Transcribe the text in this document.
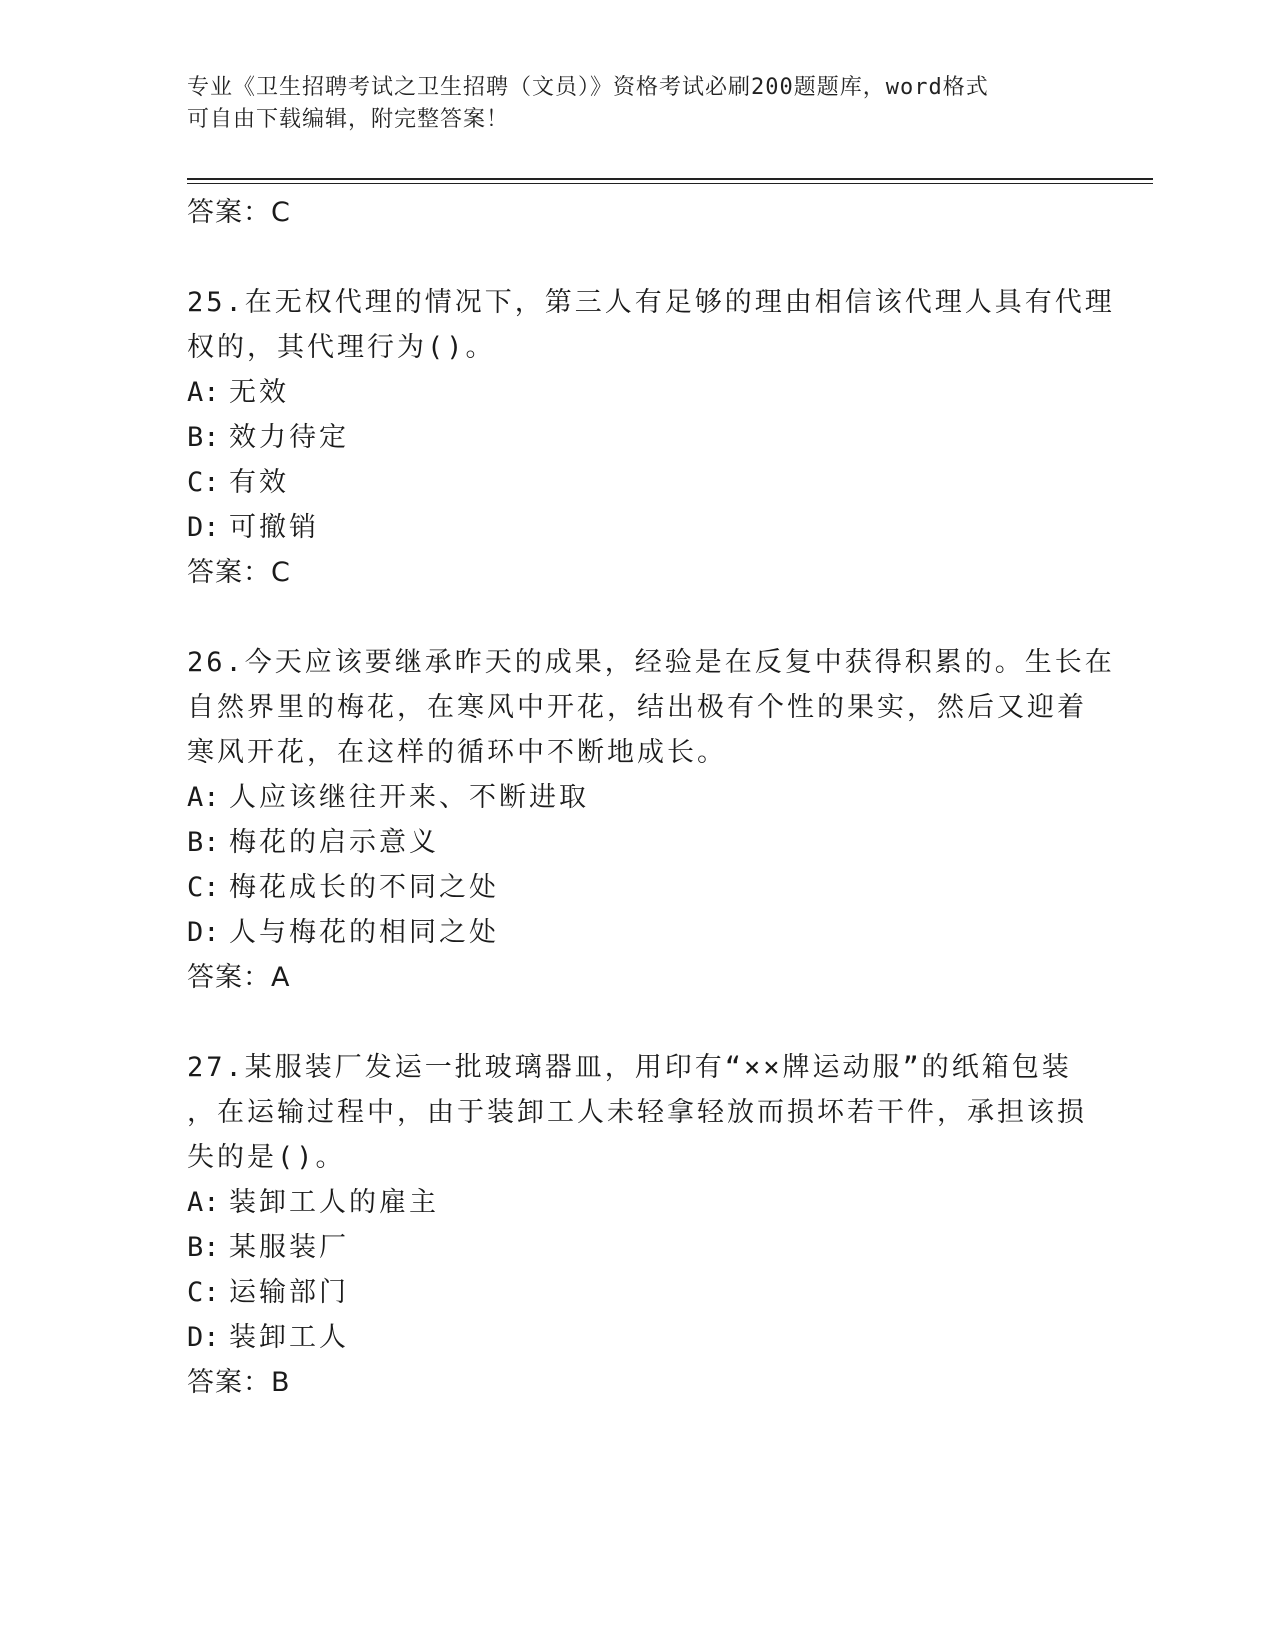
专业《卫生招聘考试之卫生招聘（文员）》资格考试必刷200题题库，word格式
可自由下载编辑，附完整答案！
答案：C
25.在无权代理的情况下，第三人有足够的理由相信该代理人具有代理
权的，其代理行为()。
A: 无效
B: 效力待定
C: 有效
D: 可撤销
答案：C
26.今天应该要继承昨天的成果，经验是在反复中获得积累的。生长在
自然界里的梅花，在寒风中开花，结出极有个性的果实，然后又迎着
寒风开花，在这样的循环中不断地成长。
A: 人应该继往开来、不断进取
B: 梅花的启示意义
C: 梅花成长的不同之处
D: 人与梅花的相同之处
答案：A
27.某服装厂发运一批玻璃器皿，用印有“××牌运动服”的纸箱包装
，在运输过程中，由于装卸工人未轻拿轻放而损坏若干件，承担该损
失的是()。
A: 装卸工人的雇主
B: 某服装厂
C: 运输部门
D: 装卸工人
答案：B
